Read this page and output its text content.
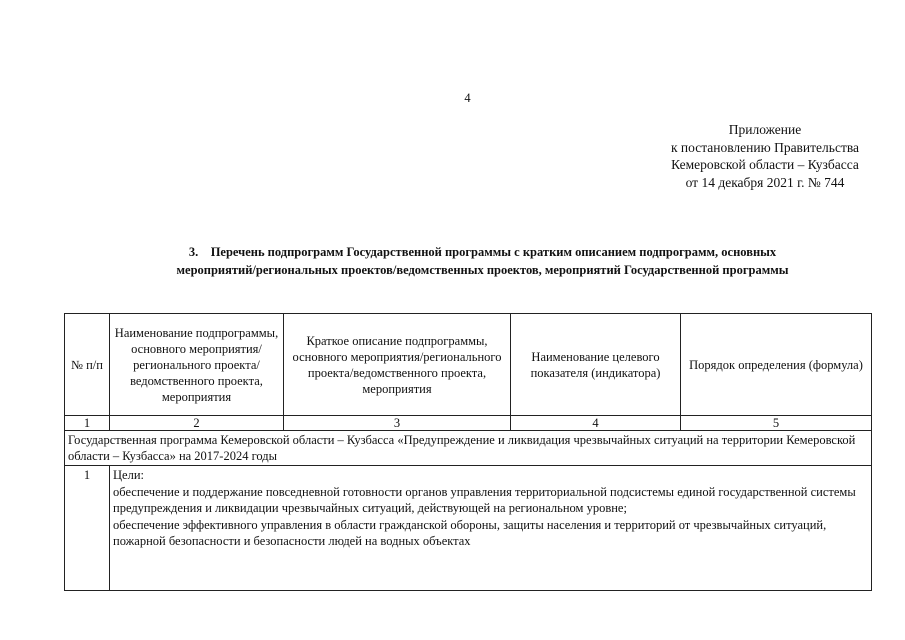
4
Приложение
к постановлению Правительства
Кемеровской области – Кузбасса
от 14 декабря 2021 г. № 744
3.    Перечень подпрограмм Государственной программы с кратким описанием подпрограмм, основных
мероприятий/региональных проектов/ведомственных проектов, мероприятий Государственной программы
№ п/п	Наименование подпрограммы, основного мероприятия/ регионального проекта/ведомственного проекта, мероприятия	Краткое описание подпрограммы, основного мероприятия/регионального проекта/ведомственного проекта, мероприятия	Наименование целевого показателя (индикатора)	Порядок определения (формула)
1	2	3	4	5
Государственная программа Кемеровской области – Кузбасса «Предупреждение и ликвидация чрезвычайных ситуаций на территории Кемеровской области – Кузбасса» на 2017-2024 годы				
1	Цели:
обеспечение и поддержание повседневной готовности органов управления территориальной подсистемы единой государственной системы предупреждения и ликвидации чрезвычайных ситуаций, действующей на региональном уровне;
обеспечение эффективного управления в области гражданской обороны, защиты населения и территорий от чрезвычайных ситуаций, пожарной безопасности и безопасности людей на водных объектах			
